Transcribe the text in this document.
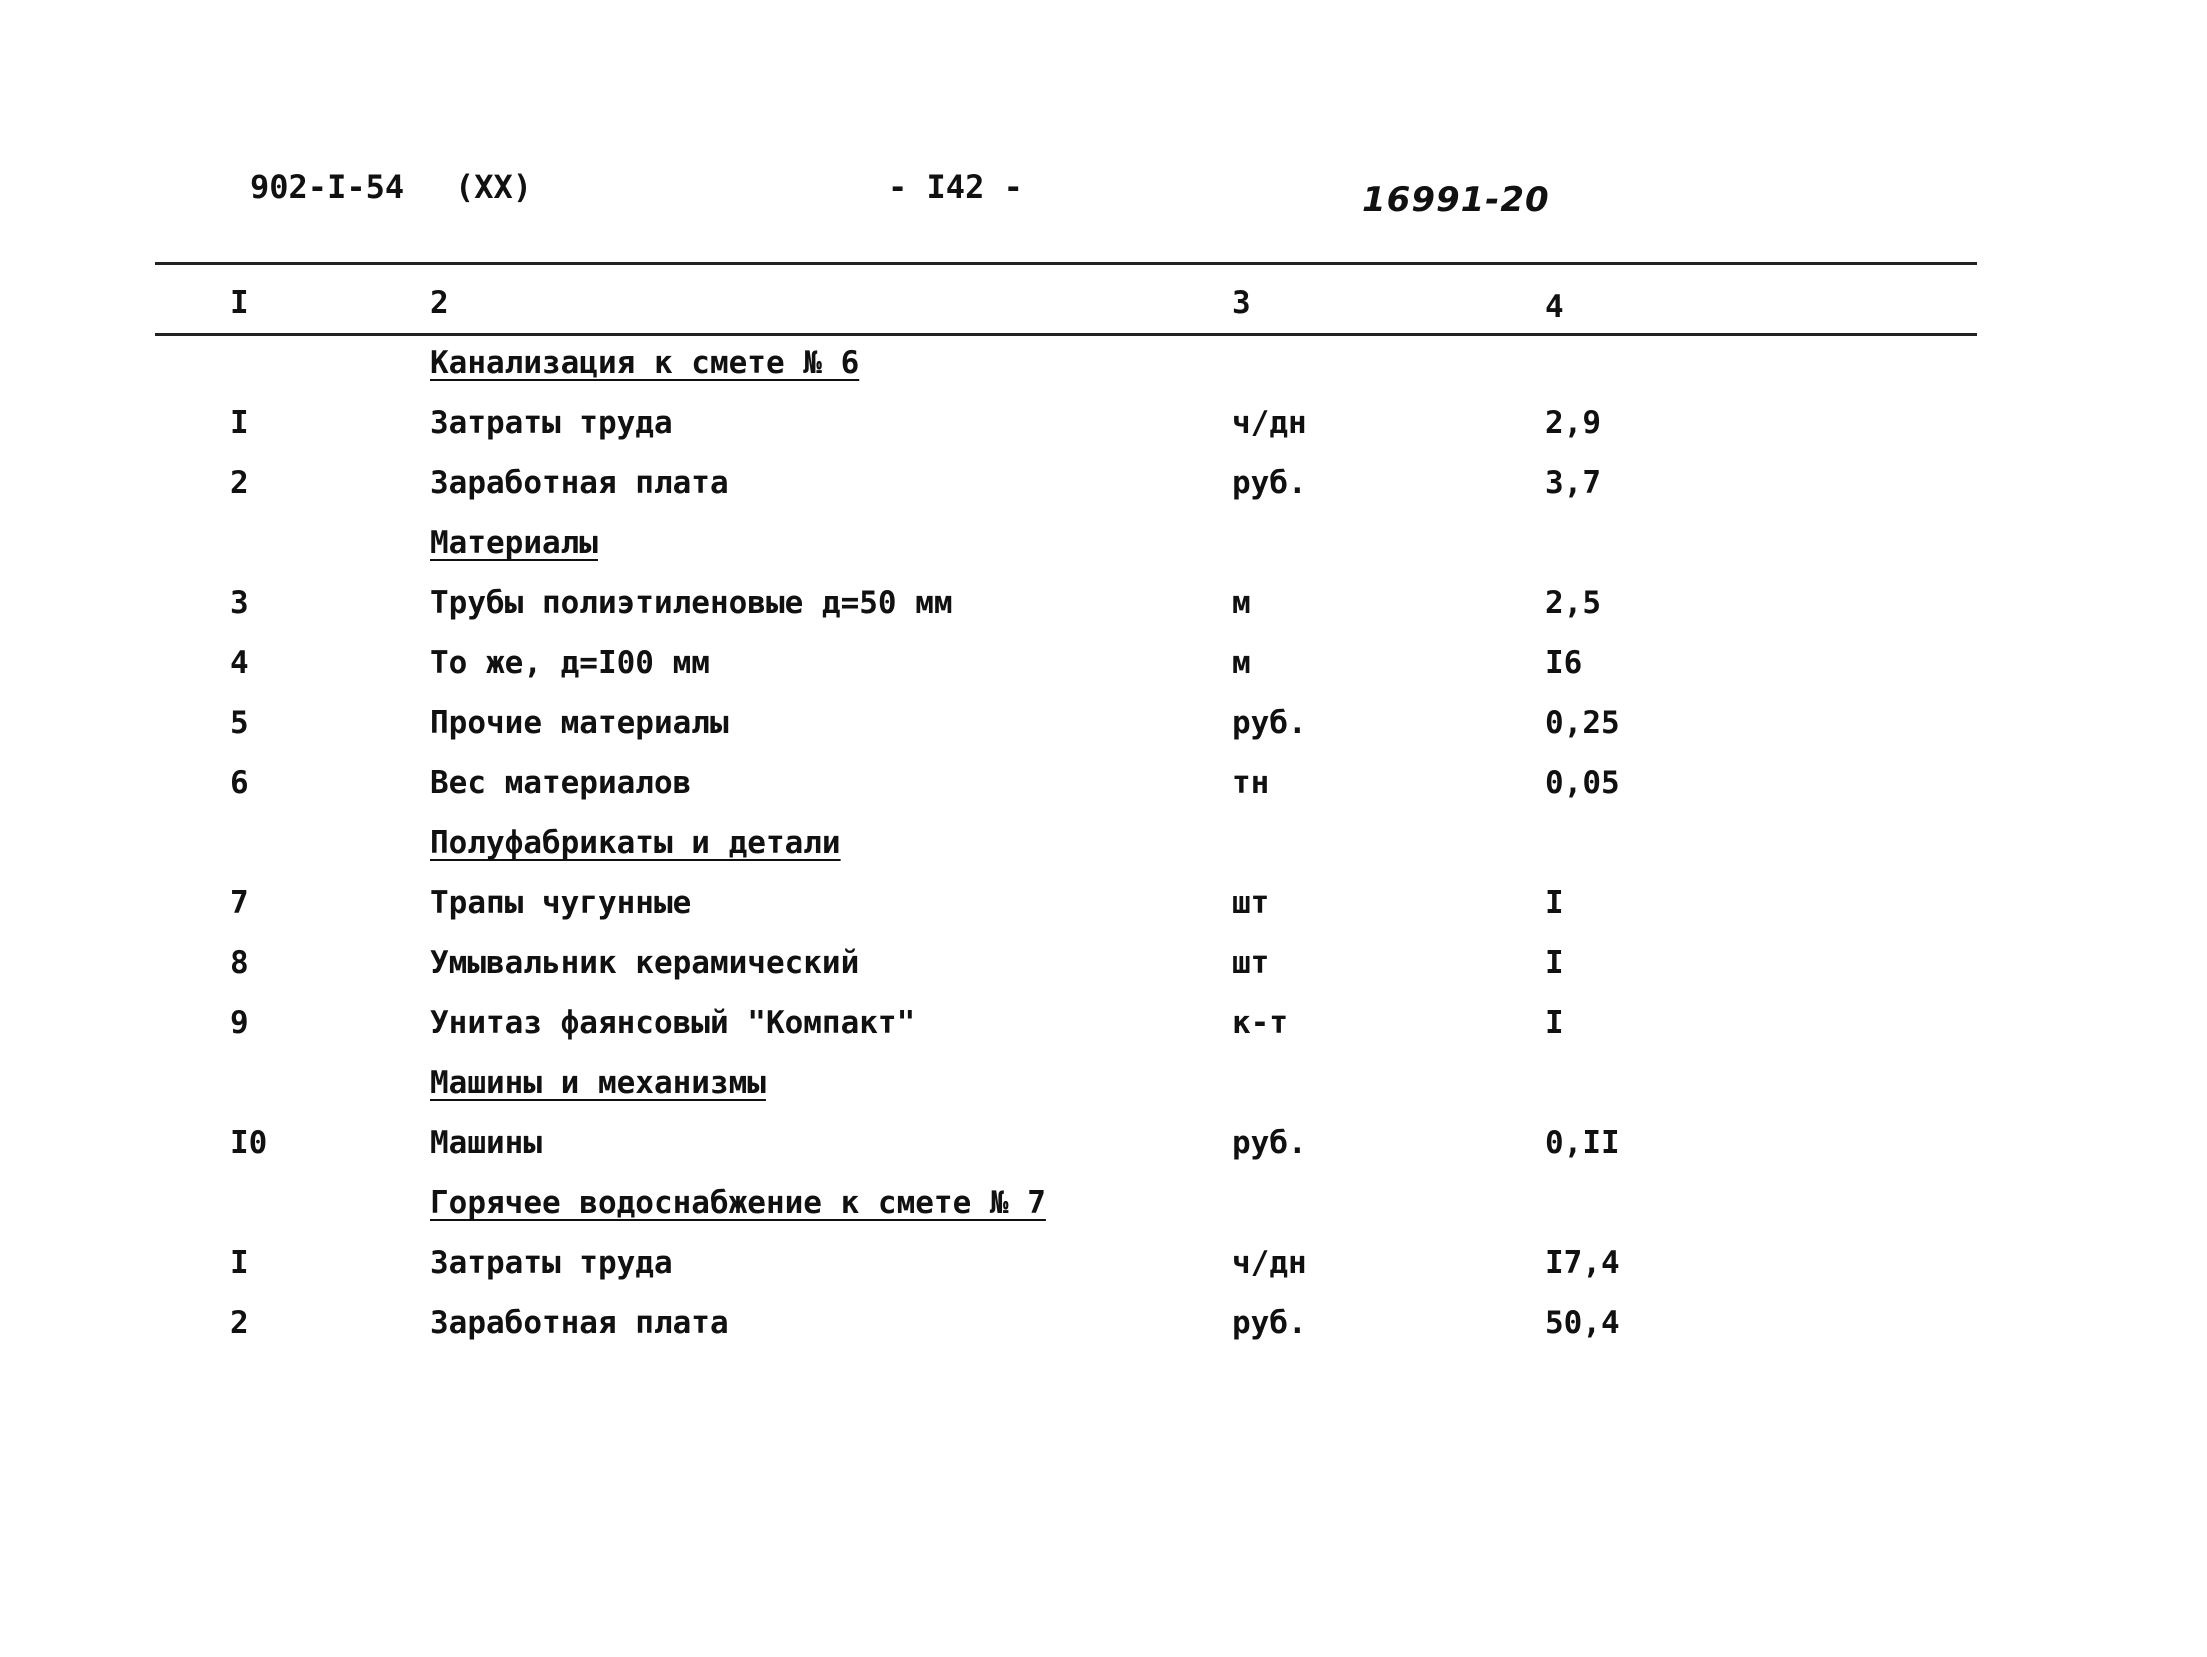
902-I-54 (XX)	- I42 -	16991-20
I	2	3	4
Канализация к смете № 6
I	Затраты труда	ч/дн	2,9
2	Заработная плата	руб.	3,7
Материалы
3	Трубы полиэтиленовые д=50 мм	м	2,5
4	То же, д=I00 мм	м	I6
5	Прочие материалы	руб.	0,25
6	Вес материалов	тн	0,05
Полуфабрикаты и детали
7	Трапы чугунные	шт	I
8	Умывальник керамический	шт	I
9	Унитаз фаянсовый "Компакт"	к-т	I
Машины и механизмы
I0	Машины	руб.	0,II
Горячее водоснабжение к смете № 7
I	Затраты труда	ч/дн	I7,4
2	Заработная плата	руб.	50,4
